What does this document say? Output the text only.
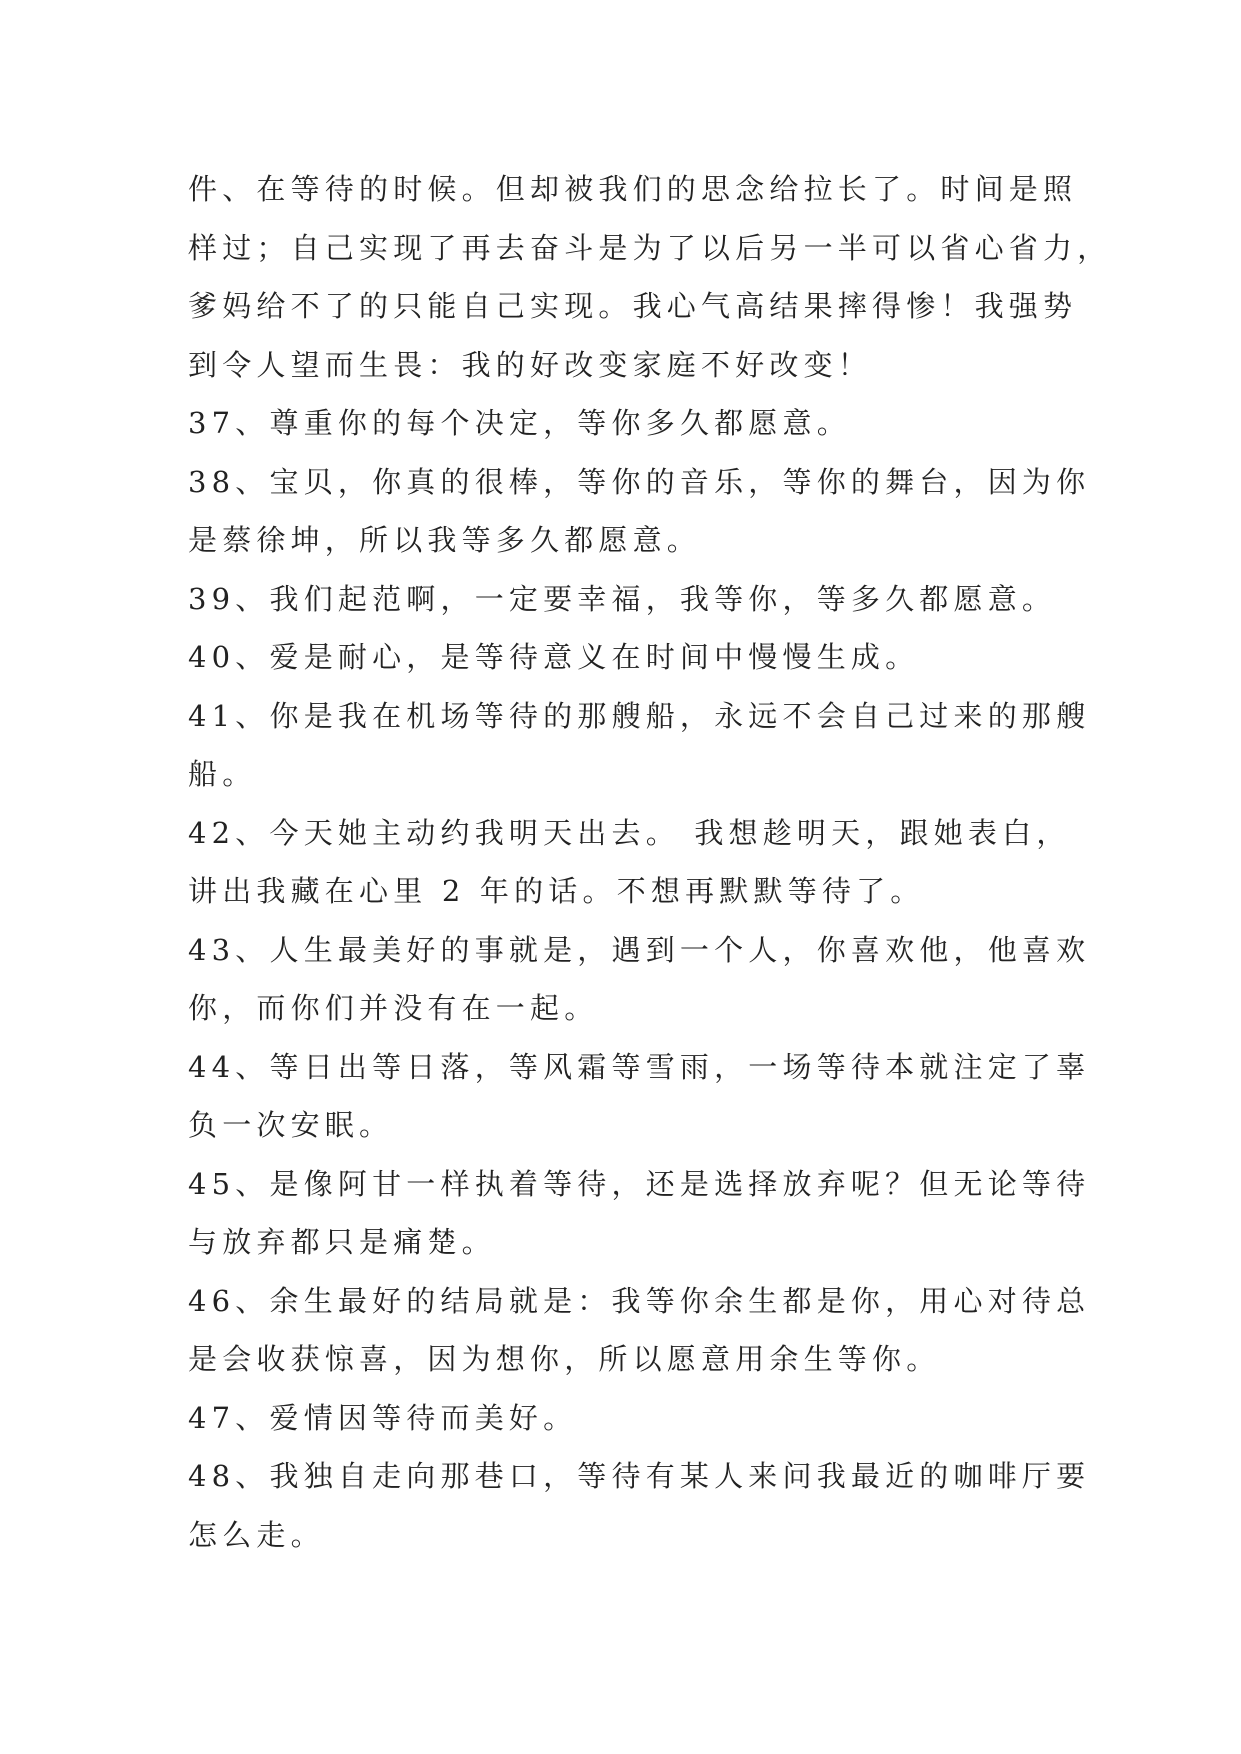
件、在等待的时候。但却被我们的思念给拉长了。时间是照
样过；自己实现了再去奋斗是为了以后另一半可以省心省力，
爹妈给不了的只能自己实现。我心气高结果摔得惨！我强势
到令人望而生畏：我的好改变家庭不好改变！
37、尊重你的每个决定，等你多久都愿意。
38、宝贝，你真的很棒，等你的音乐，等你的舞台，因为你
是蔡徐坤，所以我等多久都愿意。
39、我们起范啊，一定要幸福，我等你，等多久都愿意。
40、爱是耐心，是等待意义在时间中慢慢生成。
41、你是我在机场等待的那艘船，永远不会自己过来的那艘
船。
42、今天她主动约我明天出去。 我想趁明天，跟她表白，
讲出我藏在心里 2 年的话。不想再默默等待了。
43、人生最美好的事就是，遇到一个人，你喜欢他，他喜欢
你，而你们并没有在一起。
44、等日出等日落，等风霜等雪雨，一场等待本就注定了辜
负一次安眠。
45、是像阿甘一样执着等待，还是选择放弃呢？但无论等待
与放弃都只是痛楚。
46、余生最好的结局就是：我等你余生都是你，用心对待总
是会收获惊喜，因为想你，所以愿意用余生等你。
47、爱情因等待而美好。
48、我独自走向那巷口，等待有某人来问我最近的咖啡厅要
怎么走。
